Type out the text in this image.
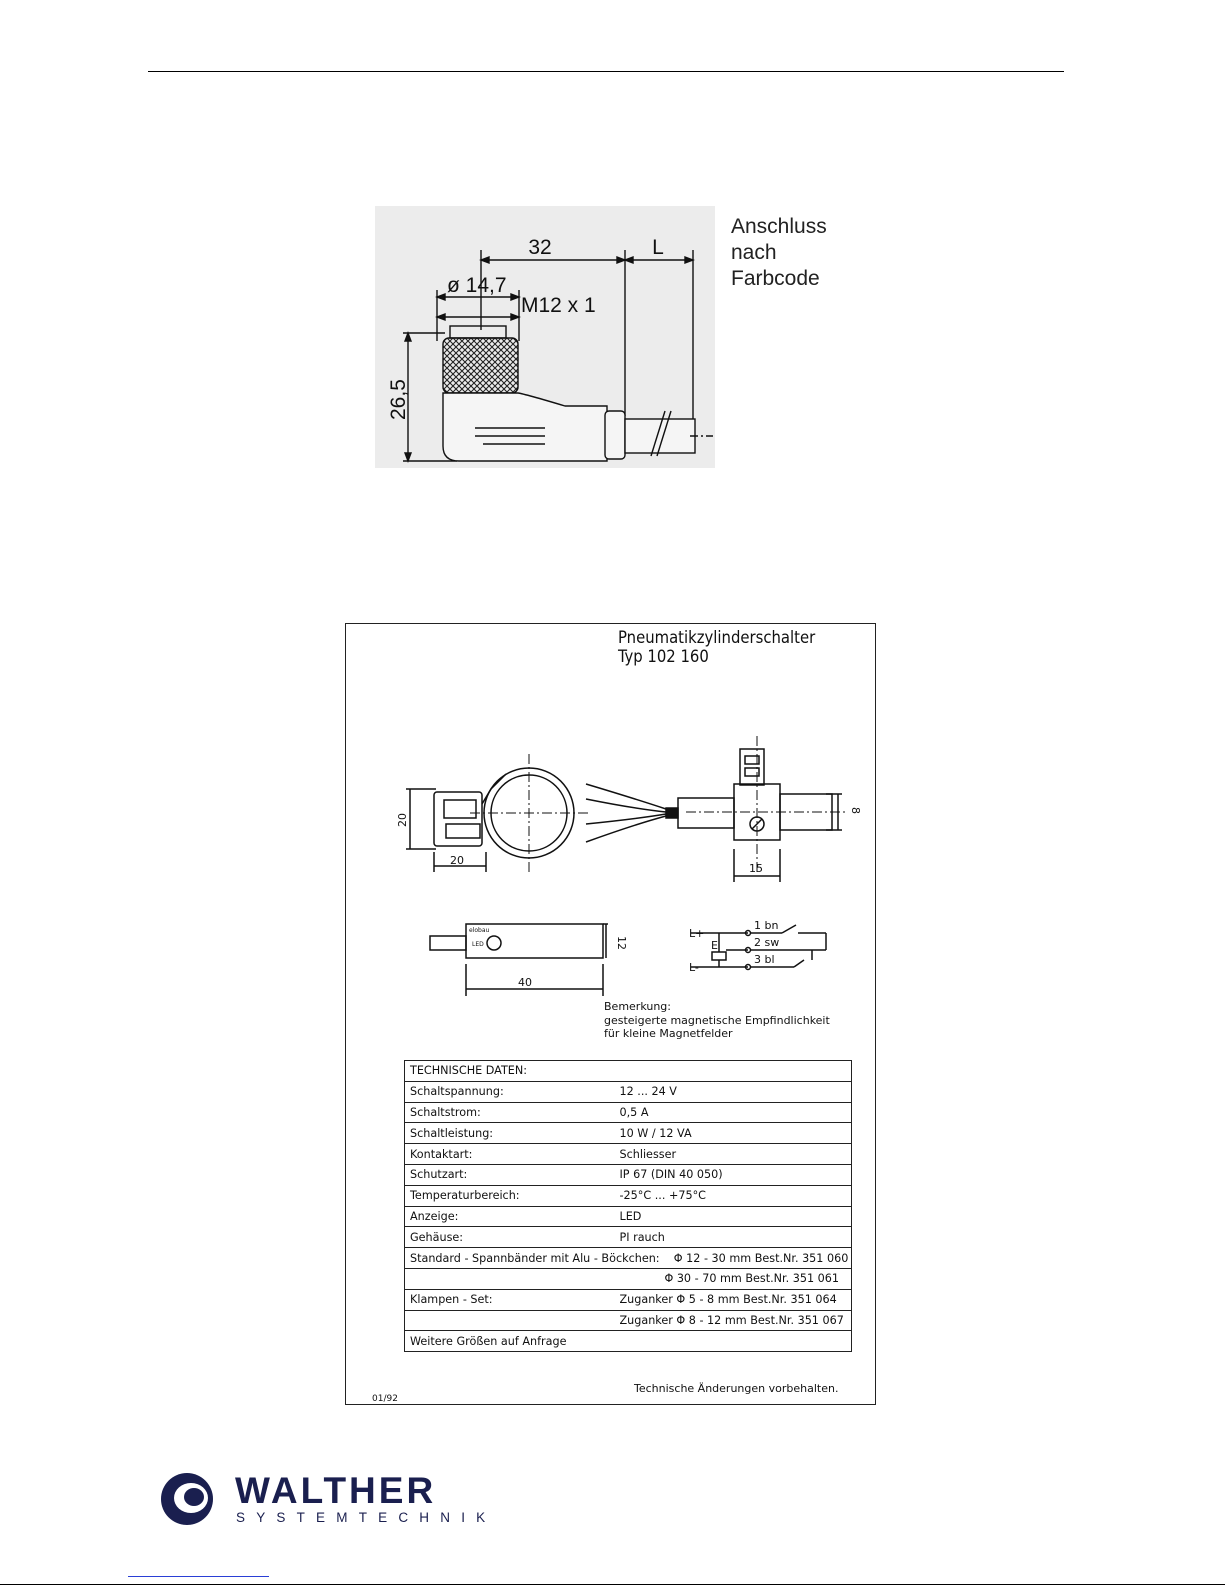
32	L
ø 14,7
M12 x 1
26,5
Anschluss
nach
Farbcode
20
20
8
15
12
40
L+
L-
E
1 bn
2 sw
3 bl
elobau
LED
Pneumatikzylinderschalter
Typ 102 160
Bemerkung:
gesteigerte magnetische Empfindlichkeit
für kleine Magnetfelder
TECHNISCHE DATEN:	
Schaltspannung:	12 ... 24 V
Schaltstrom:	0,5 A
Schaltleistung:	10 W / 12 VA
Kontaktart:	Schliesser
Schutzart:	IP 67 (DIN 40 050)
Temperaturbereich:	-25°C ... +75°C
Anzeige:	LED
Gehäuse:	PI rauch
Standard - Spannbänder mit Alu - Böckchen: Φ 12 - 30 mm Best.Nr. 351 060	
	Φ 30 - 70 mm Best.Nr. 351 061
Klampen - Set:	Zuganker Φ 5 - 8 mm Best.Nr. 351 064
	Zuganker Φ 8 - 12 mm Best.Nr. 351 067
Weitere Größen auf Anfrage	
Technische Änderungen vorbehalten.
01/92
WALTHER
SYSTEMTECHNIK
